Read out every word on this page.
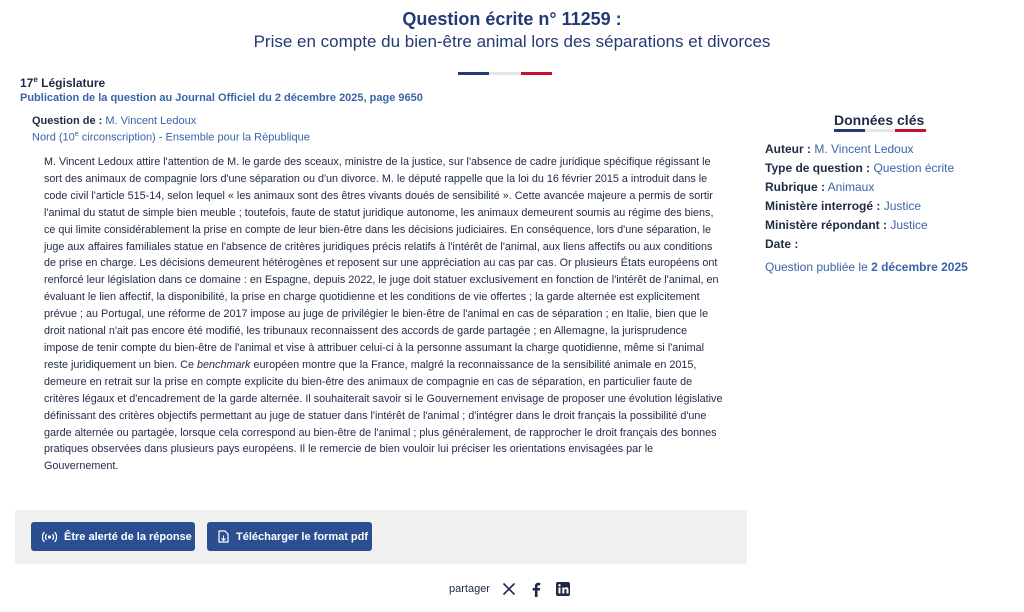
Question écrite n° 11259 :
Prise en compte du bien-être animal lors des séparations et divorces
17e Législature
Publication de la question au Journal Officiel du 2 décembre 2025, page 9650
Question de : M. Vincent Ledoux
Nord (10e circonscription) - Ensemble pour la République
M. Vincent Ledoux attire l'attention de M. le garde des sceaux, ministre de la justice, sur l'absence de cadre juridique spécifique régissant le sort des animaux de compagnie lors d'une séparation ou d'un divorce. M. le député rappelle que la loi du 16 février 2015 a introduit dans le code civil l'article 515-14, selon lequel « les animaux sont des êtres vivants doués de sensibilité ». Cette avancée majeure a permis de sortir l'animal du statut de simple bien meuble ; toutefois, faute de statut juridique autonome, les animaux demeurent soumis au régime des biens, ce qui limite considérablement la prise en compte de leur bien-être dans les décisions judiciaires. En conséquence, lors d'une séparation, le juge aux affaires familiales statue en l'absence de critères juridiques précis relatifs à l'intérêt de l'animal, aux liens affectifs ou aux conditions de prise en charge. Les décisions demeurent hétérogènes et reposent sur une appréciation au cas par cas. Or plusieurs États européens ont renforcé leur législation dans ce domaine : en Espagne, depuis 2022, le juge doit statuer exclusivement en fonction de l'intérêt de l'animal, en évaluant le lien affectif, la disponibilité, la prise en charge quotidienne et les conditions de vie offertes ; la garde alternée est explicitement prévue ; au Portugal, une réforme de 2017 impose au juge de privilégier le bien-être de l'animal en cas de séparation ; en Italie, bien que le droit national n'ait pas encore été modifié, les tribunaux reconnaissent des accords de garde partagée ; en Allemagne, la jurisprudence impose de tenir compte du bien-être de l'animal et vise à attribuer celui-ci à la personne assumant la charge quotidienne, même si l'animal reste juridiquement un bien. Ce benchmark européen montre que la France, malgré la reconnaissance de la sensibilité animale en 2015, demeure en retrait sur la prise en compte explicite du bien-être des animaux de compagnie en cas de séparation, en particulier faute de critères légaux et d'encadrement de la garde alternée. Il souhaiterait savoir si le Gouvernement envisage de proposer une évolution législative définissant des critères objectifs permettant au juge de statuer dans l'intérêt de l'animal ; d'intégrer dans le droit français la possibilité d'une garde alternée ou partagée, lorsque cela correspond au bien-être de l'animal ; plus généralement, de rapprocher le droit français des bonnes pratiques observées dans plusieurs pays européens. Il le remercie de bien vouloir lui préciser les orientations envisagées par le Gouvernement.
Être alerté de la réponse	Télécharger le format pdf
partager
Données clés
Auteur : M. Vincent Ledoux
Type de question : Question écrite
Rubrique : Animaux
Ministère interrogé : Justice
Ministère répondant : Justice
Date :
Question publiée le 2 décembre 2025
